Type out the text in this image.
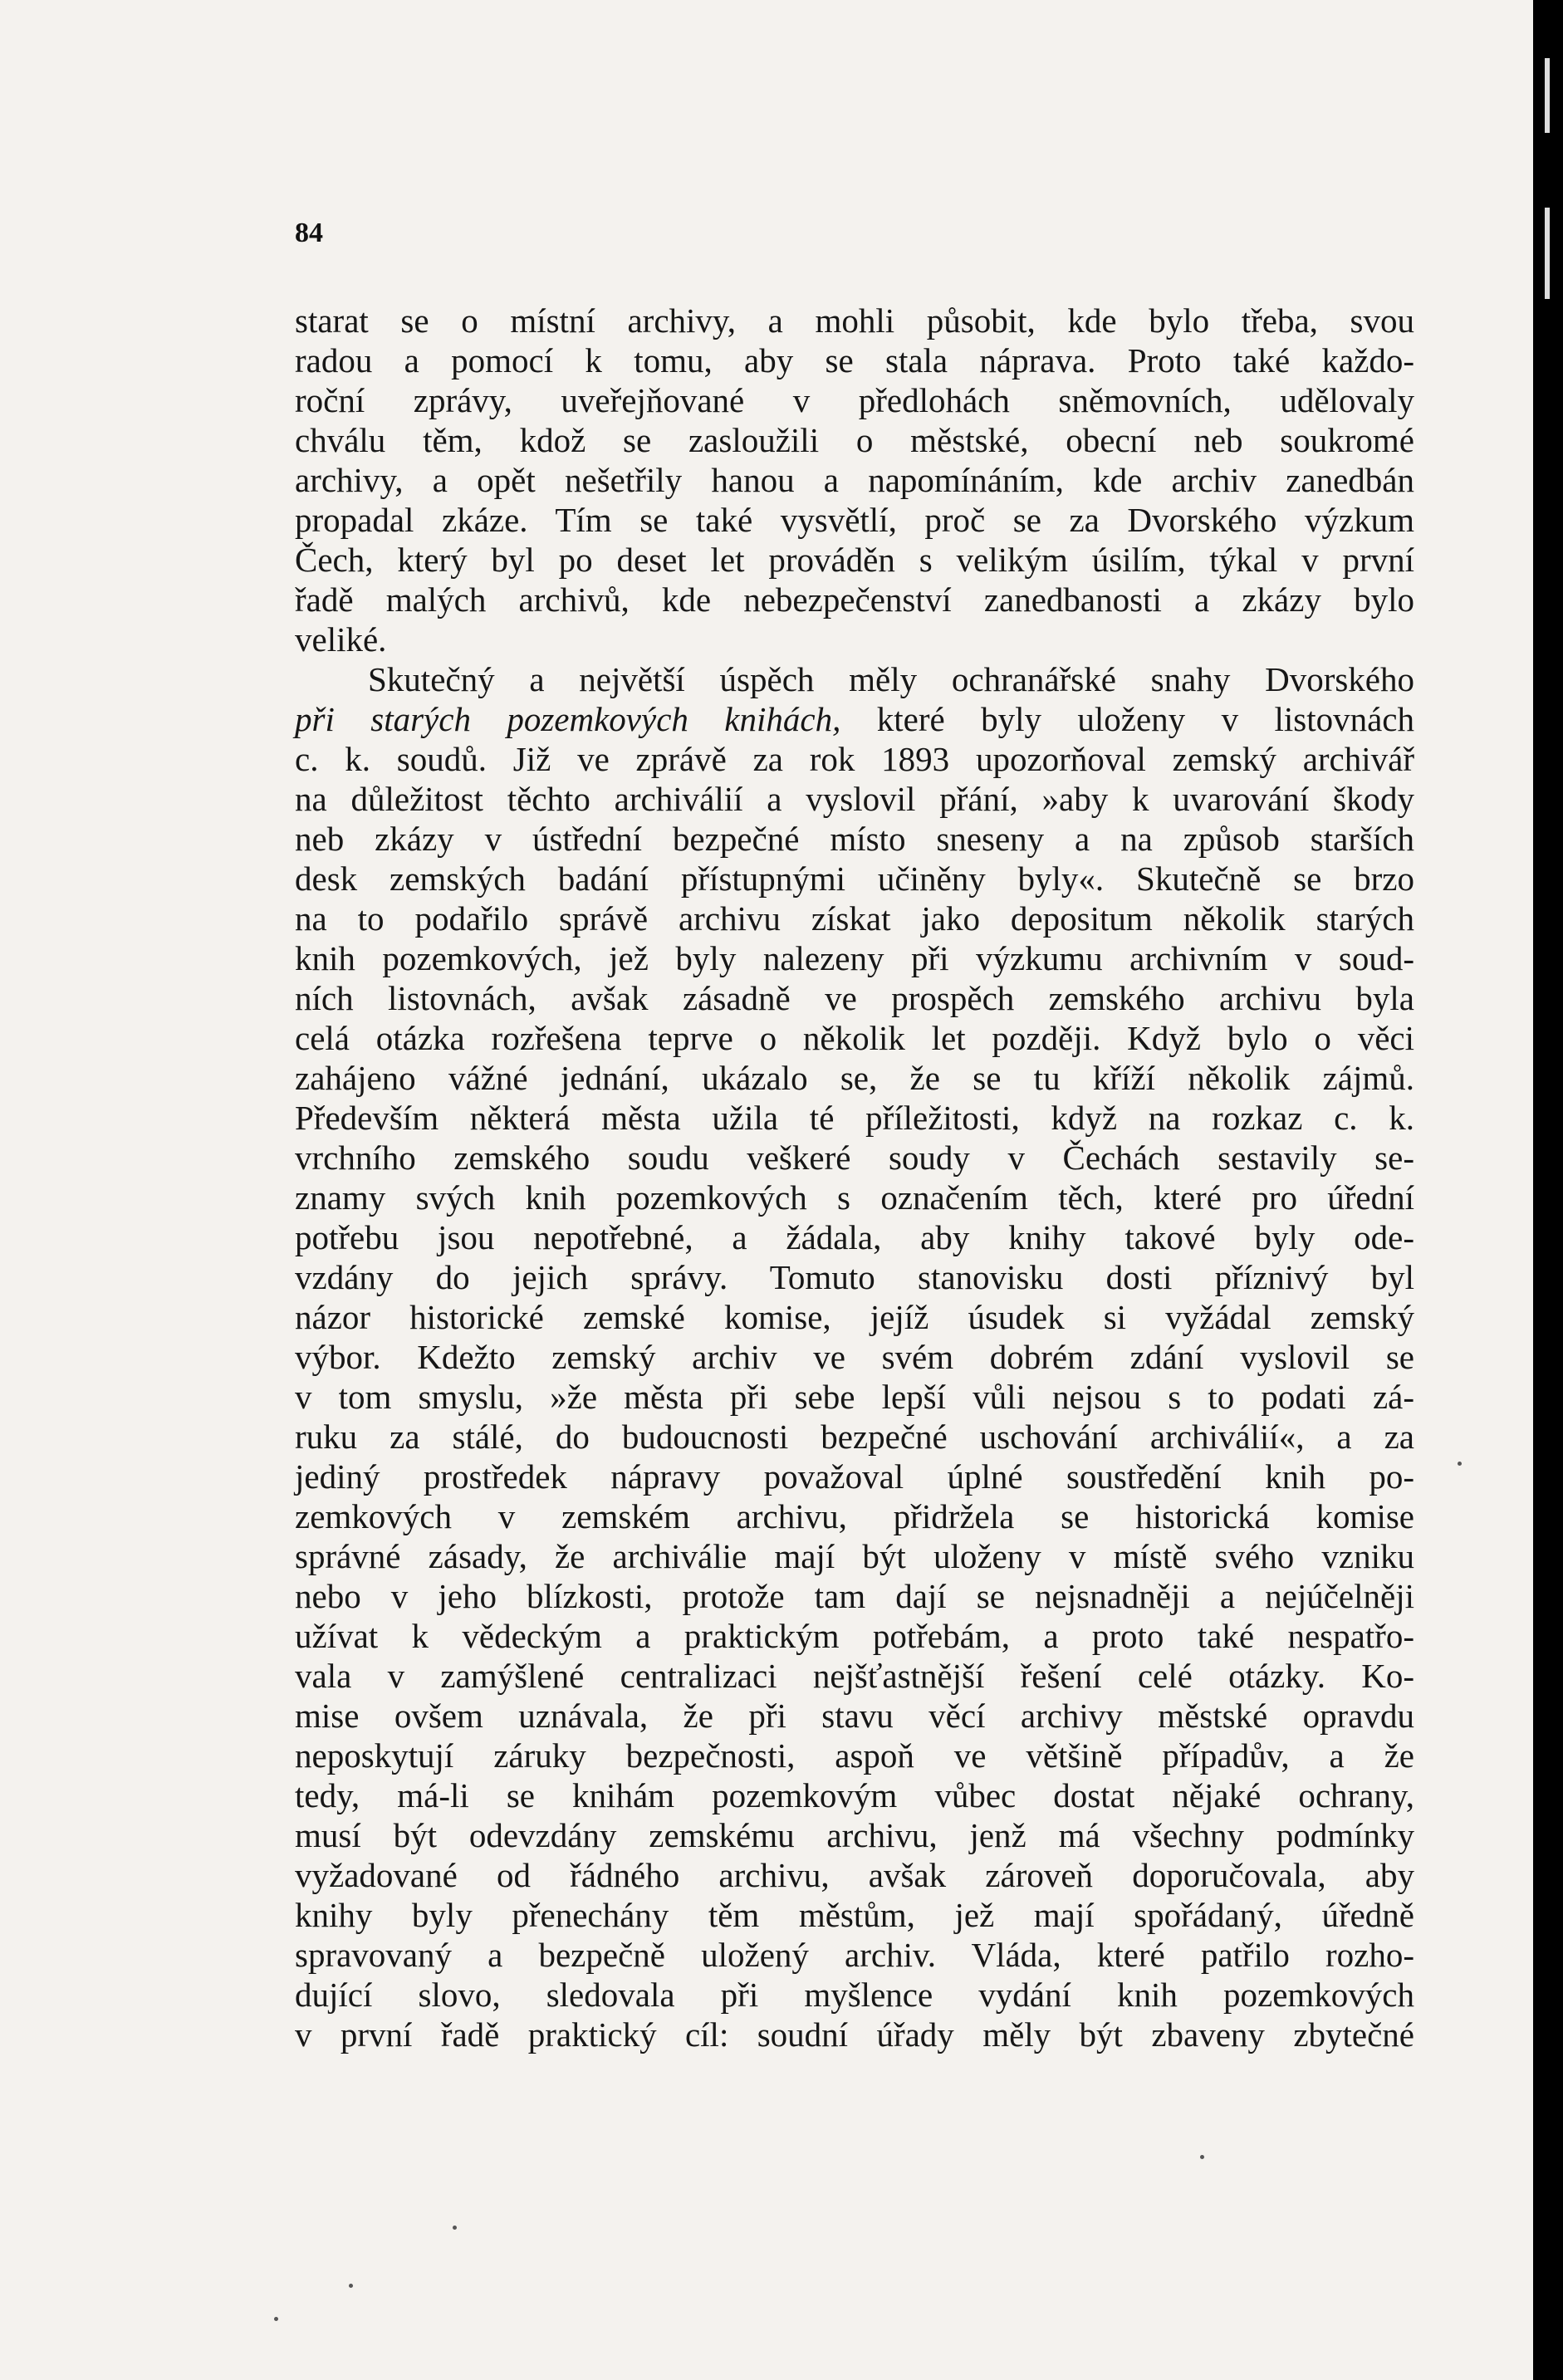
84
starat se o místní archivy, a mohli působit, kde bylo třeba, svou
radou a pomocí k tomu, aby se stala náprava. Proto také každo-
roční zprávy, uveřejňované v předlohách sněmovních, udělovaly
chválu těm, kdož se zasloužili o městské, obecní neb soukromé
archivy, a opět nešetřily hanou a napomínáním, kde archiv zanedbán
propadal zkáze. Tím se také vysvětlí, proč se za Dvorského výzkum
Čech, který byl po deset let prováděn s velikým úsilím, týkal v první
řadě malých archivů, kde nebezpečenství zanedbanosti a zkázy bylo
veliké.
Skutečný a největší úspěch měly ochranářské snahy Dvorského
při starých pozemkových knihách, které byly uloženy v listovnách
c. k. soudů. Již ve zprávě za rok 1893 upozorňoval zemský archivář
na důležitost těchto archiválií a vyslovil přání, »aby k uvarování škody
neb zkázy v ústřední bezpečné místo sneseny a na způsob starších
desk zemských badání přístupnými učiněny byly«. Skutečně se brzo
na to podařilo správě archivu získat jako depositum několik starých
knih pozemkových, jež byly nalezeny při výzkumu archivním v soud-
ních listovnách, avšak zásadně ve prospěch zemského archivu byla
celá otázka rozřešena teprve o několik let později. Když bylo o věci
zahájeno vážné jednání, ukázalo se, že se tu kříží několik zájmů.
Především některá města užila té příležitosti, když na rozkaz c. k.
vrchního zemského soudu veškeré soudy v Čechách sestavily se-
znamy svých knih pozemkových s označením těch, které pro úřední
potřebu jsou nepotřebné, a žádala, aby knihy takové byly ode-
vzdány do jejich správy. Tomuto stanovisku dosti příznivý byl
názor historické zemské komise, jejíž úsudek si vyžádal zemský
výbor. Kdežto zemský archiv ve svém dobrém zdání vyslovil se
v tom smyslu, »že města při sebe lepší vůli nejsou s to podati zá-
ruku za stálé, do budoucnosti bezpečné uschování archiválií«, a za
jediný prostředek nápravy považoval úplné soustředění knih po-
zemkových v zemském archivu, přidržela se historická komise
správné zásady, že archiválie mají být uloženy v místě svého vzniku
nebo v jeho blízkosti, protože tam dají se nejsnadněji a nejúčelněji
užívat k vědeckým a praktickým potřebám, a proto také nespatřo-
vala v zamýšlené centralizaci nejšťastnější řešení celé otázky. Ko-
mise ovšem uznávala, že při stavu věcí archivy městské opravdu
neposkytují záruky bezpečnosti, aspoň ve většině případův, a že
tedy, má-li se knihám pozemkovým vůbec dostat nějaké ochrany,
musí být odevzdány zemskému archivu, jenž má všechny podmínky
vyžadované od řádného archivu, avšak zároveň doporučovala, aby
knihy byly přenechány těm městům, jež mají spořádaný, úředně
spravovaný a bezpečně uložený archiv. Vláda, které patřilo rozho-
dující slovo, sledovala při myšlence vydání knih pozemkových
v první řadě praktický cíl: soudní úřady měly být zbaveny zbytečné
